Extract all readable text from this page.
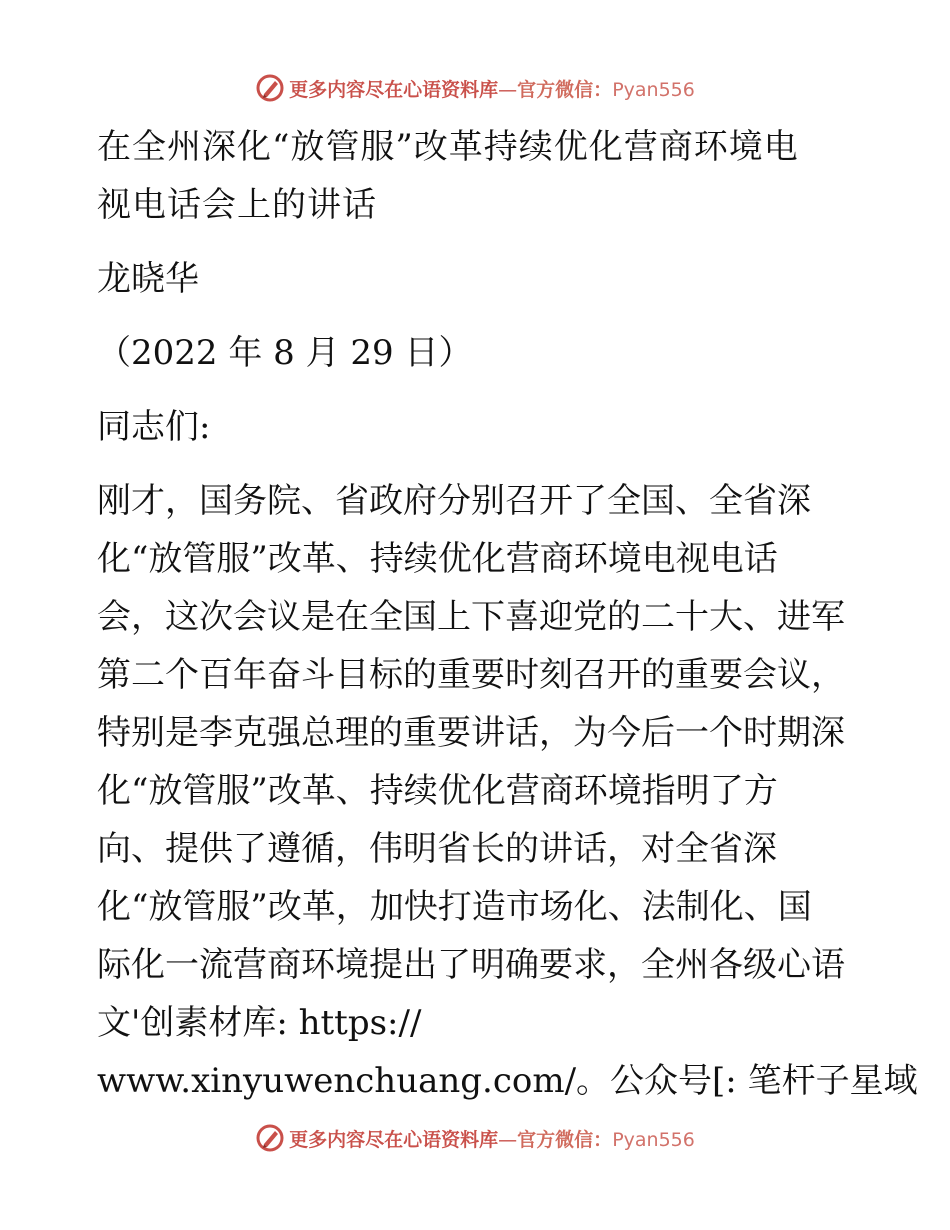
更多内容尽在心语资料库—官方微信：Pyan556
在全州深化“放管服”改革持续优化营商环境电
视电话会上的讲话
龙晓华
（2022 年 8 月 29 日）
同志们:
刚才，国务院、省政府分别召开了全国、全省深
化“放管服”改革、持续优化营商环境电视电话
会，这次会议是在全国上下喜迎党的二十大、进军
第二个百年奋斗目标的重要时刻召开的重要会议，
特别是李克强总理的重要讲话，为今后一个时期深
化“放管服”改革、持续优化营商环境指明了方
向、提供了遵循，伟明省长的讲话，对全省深
化“放管服”改革，加快打造市场化、法制化、国
际化一流营商环境提出了明确要求，全州各级心语
文'创素材库: https://
www.xinyuwenchuang.com/。公众号[: 笔杆子星域
更多内容尽在心语资料库—官方微信：Pyan556
